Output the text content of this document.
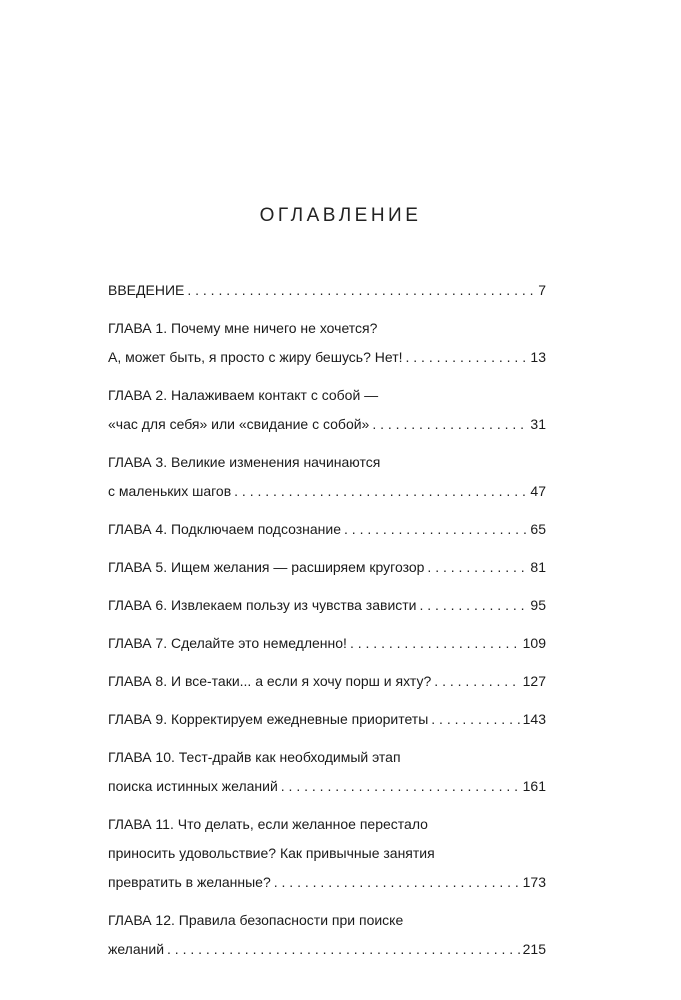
ОГЛАВЛЕНИЕ
ВВЕДЕНИЕ . . .	7
ГЛАВА 1. Почему мне ничего не хочется?
А, может быть, я просто с жиру бешусь? Нет! . . .	13
ГЛАВА 2. Налаживаем контакт с собой —
«час для себя» или «свидание с собой» . . .	31
ГЛАВА 3. Великие изменения начинаются
с маленьких шагов . . .	47
ГЛАВА 4. Подключаем подсознание . . .	65
ГЛАВА 5. Ищем желания — расширяем кругозор . . .	81
ГЛАВА 6. Извлекаем пользу из чувства зависти . . .	95
ГЛАВА 7. Сделайте это немедленно! . . .	109
ГЛАВА 8. И все-таки... а если я хочу порш и яхту? . . .	127
ГЛАВА 9. Корректируем ежедневные приоритеты . . .	143
ГЛАВА 10. Тест-драйв как необходимый этап
поиска истинных желаний . . .	161
ГЛАВА 11. Что делать, если желанное перестало
приносить удовольствие? Как привычные занятия
превратить в желанные? . . .	173
ГЛАВА 12. Правила безопасности при поиске
желаний . . .	215
